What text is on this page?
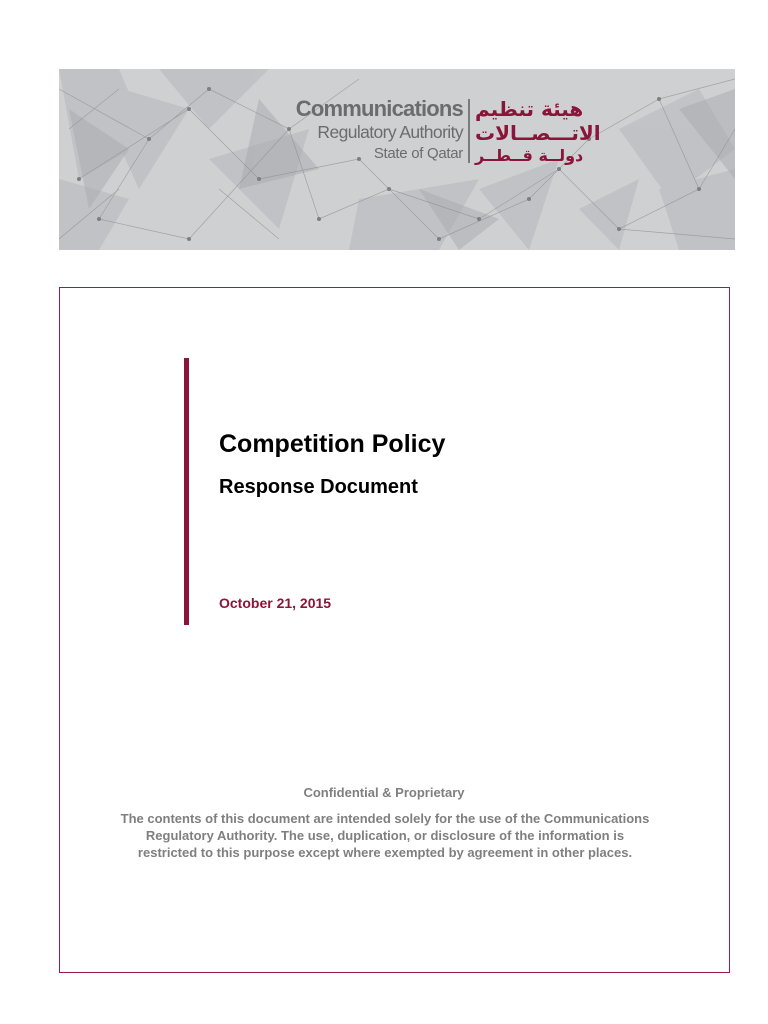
Communications
Regulatory Authority
State of Qatar
هيئة تنظيم
الاتـــصــالات
دولــة قــطــر
Competition Policy
Response Document
October 21, 2015
Confidential & Proprietary
The contents of this document are intended solely for the use of the Communications Regulatory Authority. The use, duplication, or disclosure of the information is restricted to this purpose except where exempted by agreement in other places.
